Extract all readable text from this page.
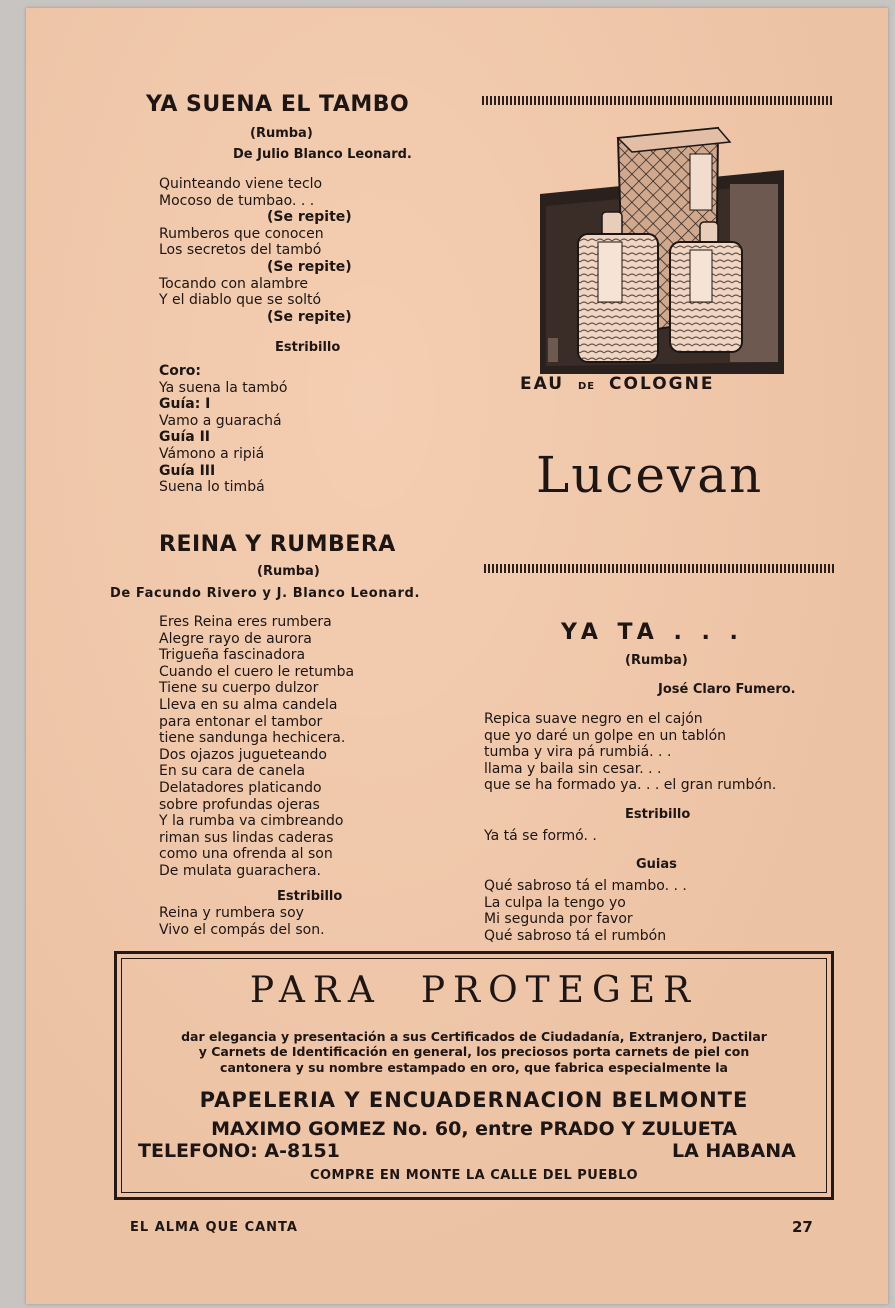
YA SUENA EL TAMBO
(Rumba)
De Julio Blanco Leonard.
Quinteando viene teclo
Mocoso de tumbao. . .
(Se repite)
Rumberos que conocen
Los secretos del tambó
(Se repite)
Tocando con alambre
Y el diablo que se soltó
(Se repite)
Estribillo
Coro:
Ya suena la tambó
Guía: I
Vamo a guarachá
Guía II
Vámono a ripiá
Guía III
Suena lo timbá
REINA Y RUMBERA
(Rumba)
De Facundo Rivero y J. Blanco Leonard.
Eres Reina eres rumbera
Alegre rayo de aurora
Trigueña fascinadora
Cuando el cuero le retumba
Tiene su cuerpo dulzor
Lleva en su alma candela
para entonar el tambor
tiene sandunga hechicera.
Dos ojazos jugueteando
En su cara de canela
Delatadores platicando
sobre profundas ojeras
Y la rumba va cimbreando
riman sus lindas caderas
como una ofrenda al son
De mulata guarachera.
Estribillo
Reina y rumbera soy
Vivo el compás del son.
EAU DE COLOGNE
Lucevan
YA TA . . .
(Rumba)
José Claro Fumero.
Repica suave negro en el cajón
que yo daré un golpe en un tablón
tumba y vira pá rumbiá. . .
llama y baila sin cesar. . .
que se ha formado ya. . . el gran rumbón.
Estribillo
Ya tá se formó. .
Guias
Qué sabroso tá el mambo. . .
La culpa la tengo yo
Mi segunda por favor
Qué sabroso tá el rumbón
PARA  PROTEGER
dar elegancia y presentación a sus Certificados de Ciudadanía, Extranjero, Dactilar
y Carnets de Identificación en general, los preciosos porta carnets de piel con
cantonera y su nombre estampado en oro, que fabrica especialmente la
PAPELERIA Y ENCUADERNACION BELMONTE
MAXIMO GOMEZ No. 60, entre PRADO Y ZULUETA
TELEFONO: A-8151	LA HABANA
COMPRE EN MONTE LA CALLE DEL PUEBLO
EL ALMA QUE CANTA	27
